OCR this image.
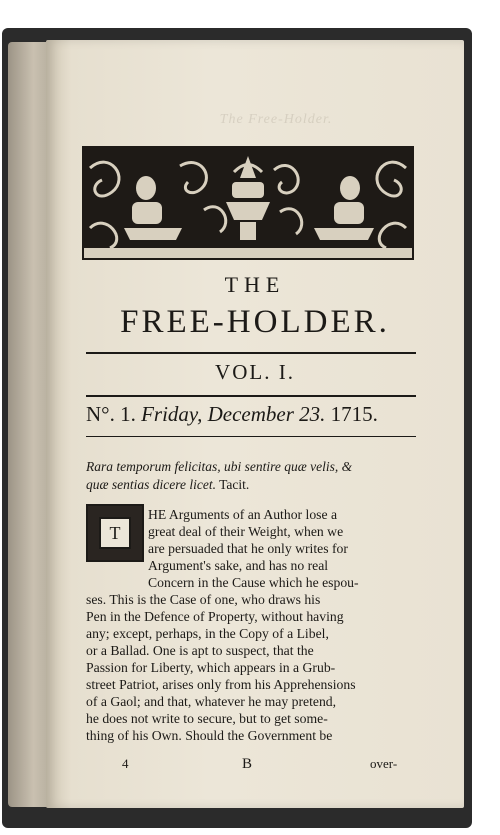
The Free-Holder.
THE
FREE-HOLDER.
VOL. I.
N°. 1. Friday, December 23. 1715.
Rara temporum felicitas, ubi sentire quæ velis, &
quæ sentias dicere licet. Tacit.
T
HE Arguments of an Author lose a
great deal of their Weight, when we
are persuaded that he only writes for
Argument's sake, and has no real
Concern in the Cause which he espou-
ses. This is the Case of one, who draws his
Pen in the Defence of Property, without having
any; except, perhaps, in the Copy of a Libel,
or a Ballad. One is apt to suspect, that the
Passion for Liberty, which appears in a Grub-
street Patriot, arises only from his Apprehensions
of a Gaol; and that, whatever he may pretend,
he does not write to secure, but to get some-
thing of his Own. Should the Government be
4	B	over-
